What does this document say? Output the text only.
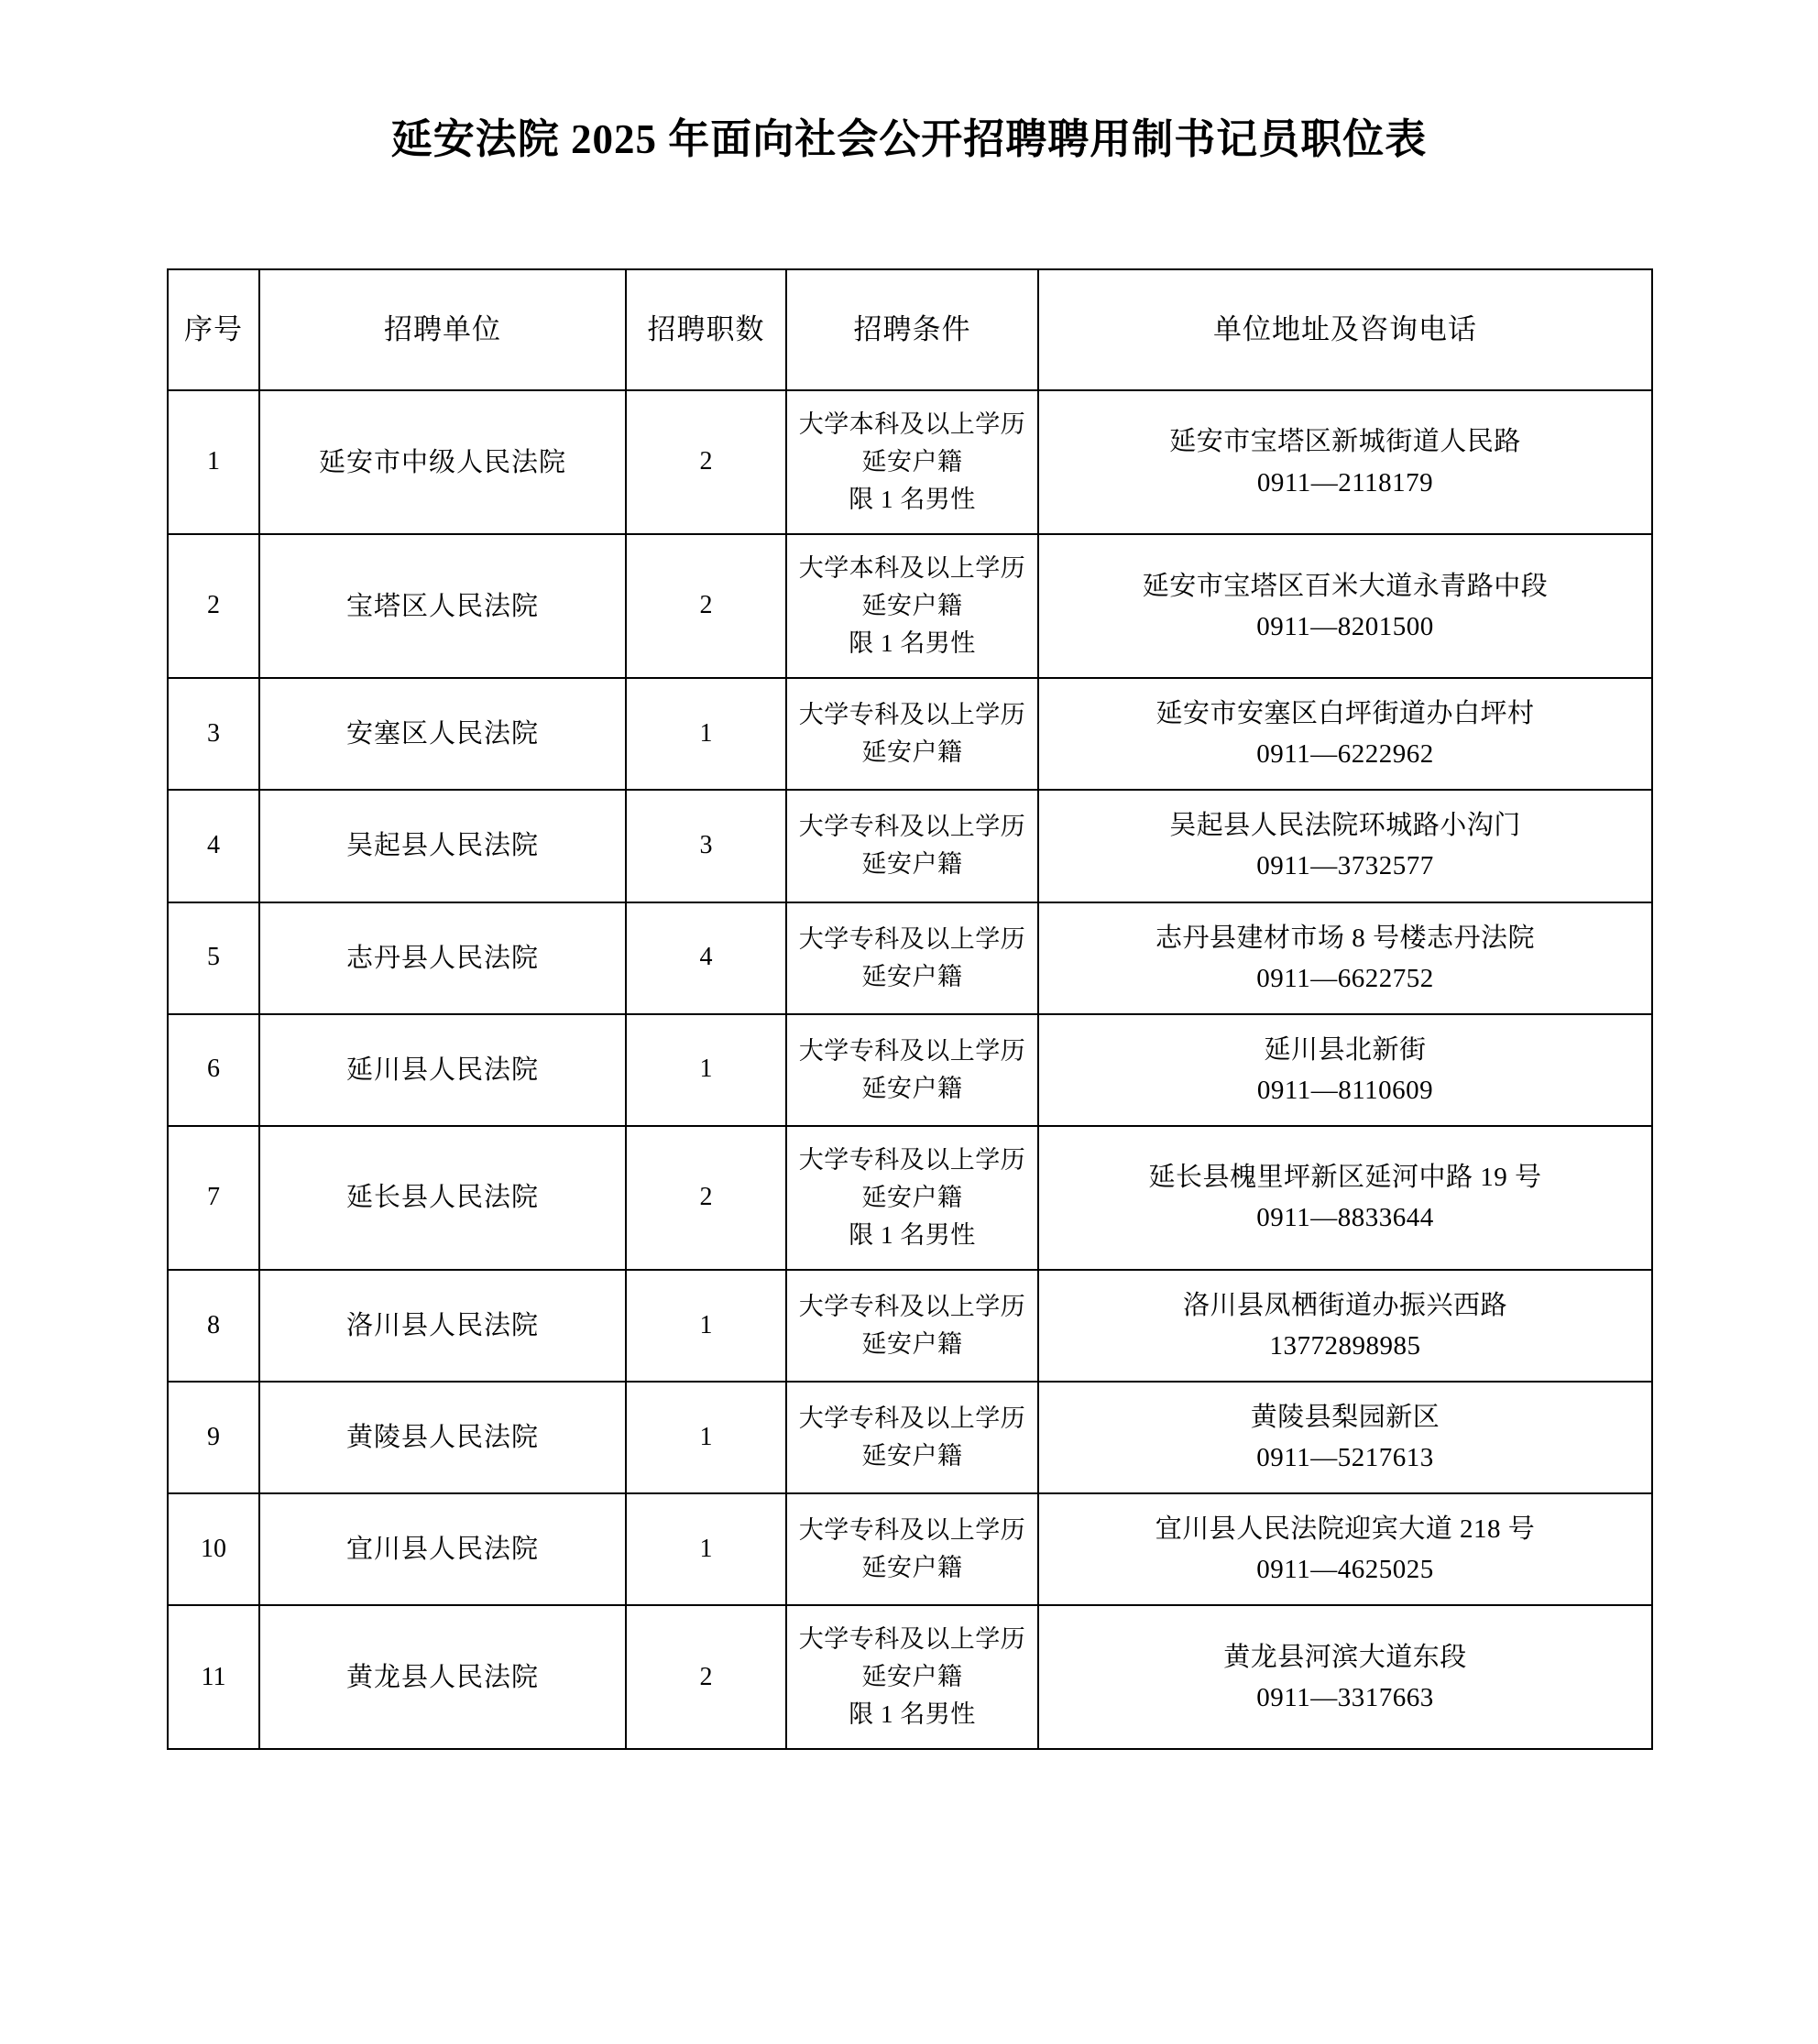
延安法院 2025 年面向社会公开招聘聘用制书记员职位表
序号	招聘单位	招聘职数	招聘条件	单位地址及咨询电话
1	延安市中级人民法院	2	大学本科及以上学历
延安户籍
限 1 名男性	延安市宝塔区新城街道人民路
0911—2118179

2	宝塔区人民法院	2	大学本科及以上学历
延安户籍
限 1 名男性	延安市宝塔区百米大道永青路中段
0911—8201500

3	安塞区人民法院	1	大学专科及以上学历
延安户籍	延安市安塞区白坪街道办白坪村
0911—6222962

4	吴起县人民法院	3	大学专科及以上学历
延安户籍	吴起县人民法院环城路小沟门
0911—3732577

5	志丹县人民法院	4	大学专科及以上学历
延安户籍	志丹县建材市场 8 号楼志丹法院
0911—6622752

6	延川县人民法院	1	大学专科及以上学历
延安户籍	延川县北新街
0911—8110609

7	延长县人民法院	2	大学专科及以上学历
延安户籍
限 1 名男性	延长县槐里坪新区延河中路 19 号
0911—8833644

8	洛川县人民法院	1	大学专科及以上学历
延安户籍	洛川县凤栖街道办振兴西路
13772898985

9	黄陵县人民法院	1	大学专科及以上学历
延安户籍	黄陵县梨园新区
0911—5217613

10	宜川县人民法院	1	大学专科及以上学历
延安户籍	宜川县人民法院迎宾大道 218 号
0911—4625025

11	黄龙县人民法院	2	大学专科及以上学历
延安户籍
限 1 名男性	黄龙县河滨大道东段
0911—3317663
